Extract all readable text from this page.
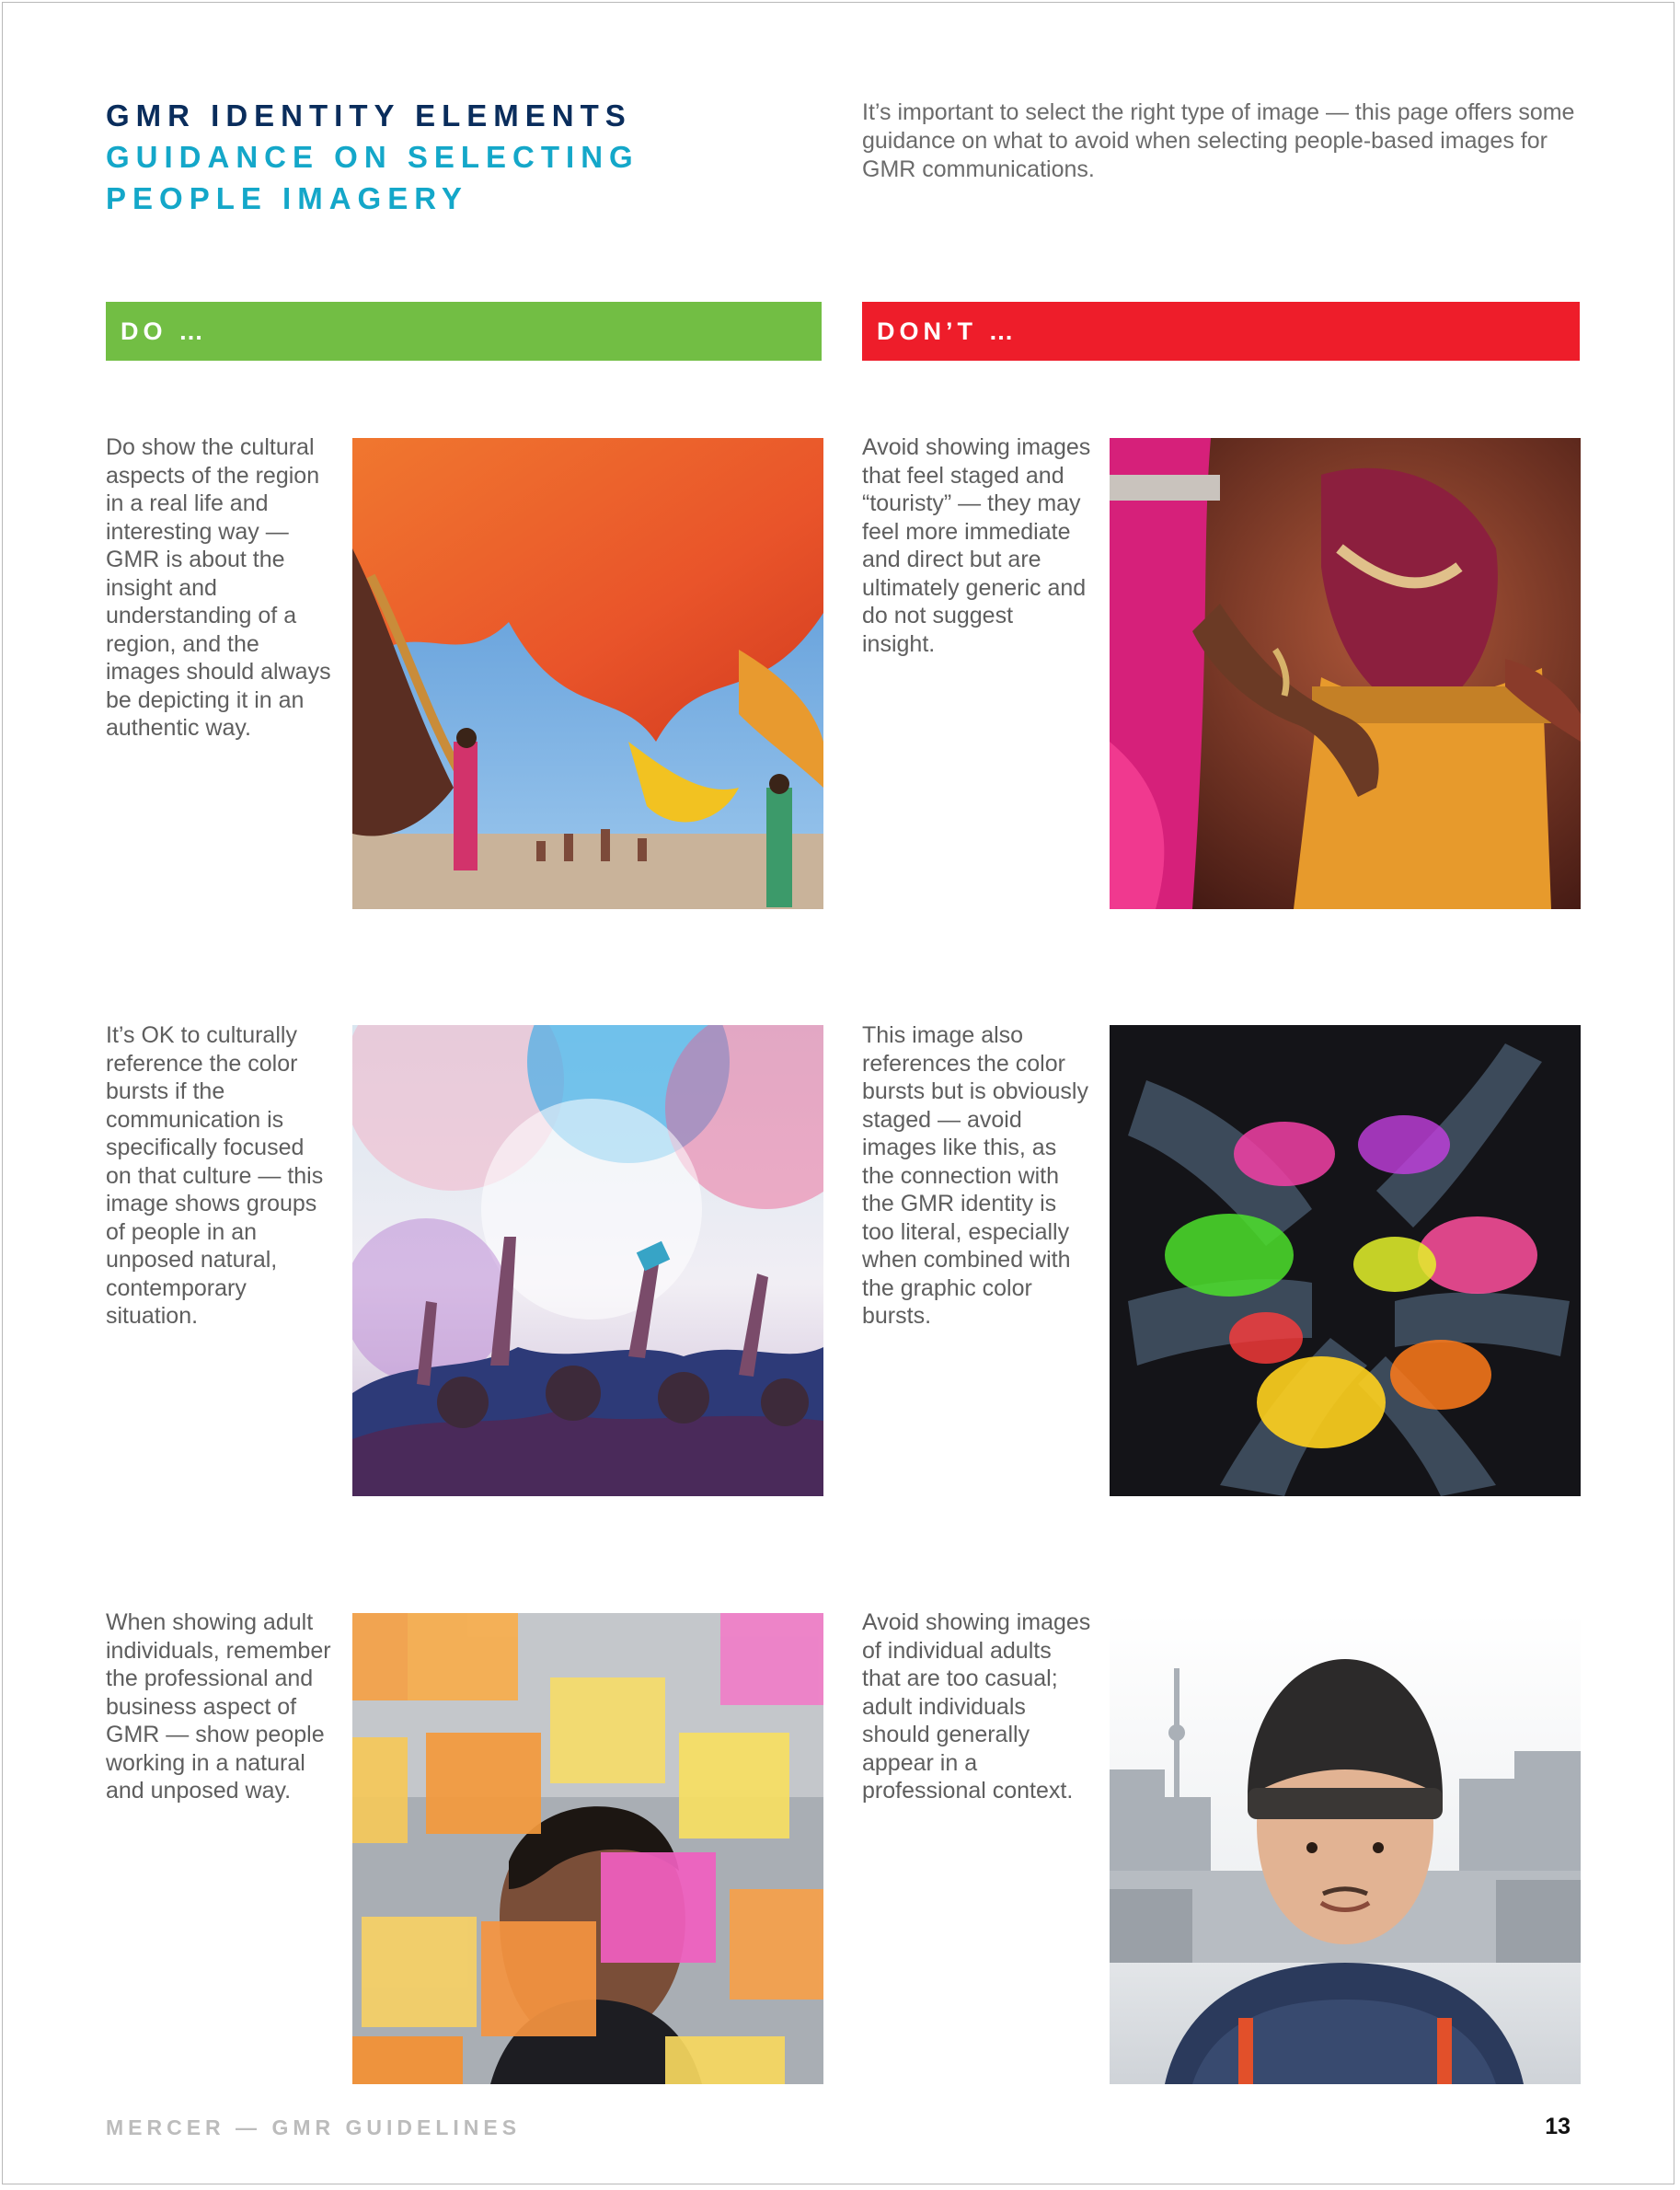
GMR IDENTITY ELEMENTS
GUIDANCE ON SELECTING
PEOPLE IMAGERY
It’s important to select the right type of image — this page offers some guidance on what to avoid when selecting people-based images for GMR communications.
DO …	DON’T …
Do show the cultural aspects of the region in a real life and interesting way — GMR is about the insight and understanding of a region, and the images should always be depicting it in an authentic way.
Avoid showing images that feel staged and “touristy” — they may feel more immediate and direct but are ultimately generic and do not suggest insight.
It’s OK to culturally reference the color bursts if the communication is specifically focused on that culture — this image shows groups of people in an unposed natural, contemporary situation.
This image also references the color bursts but is obviously staged — avoid images like this, as the connection with the GMR identity is too literal, especially when combined with the graphic color bursts.
When showing adult individuals, remember the professional and business aspect of GMR — show people working in a natural and unposed way.
Avoid showing images of individual adults that are too casual; adult individuals should generally appear in a professional context.
MERCER — GMR GUIDELINES	13
